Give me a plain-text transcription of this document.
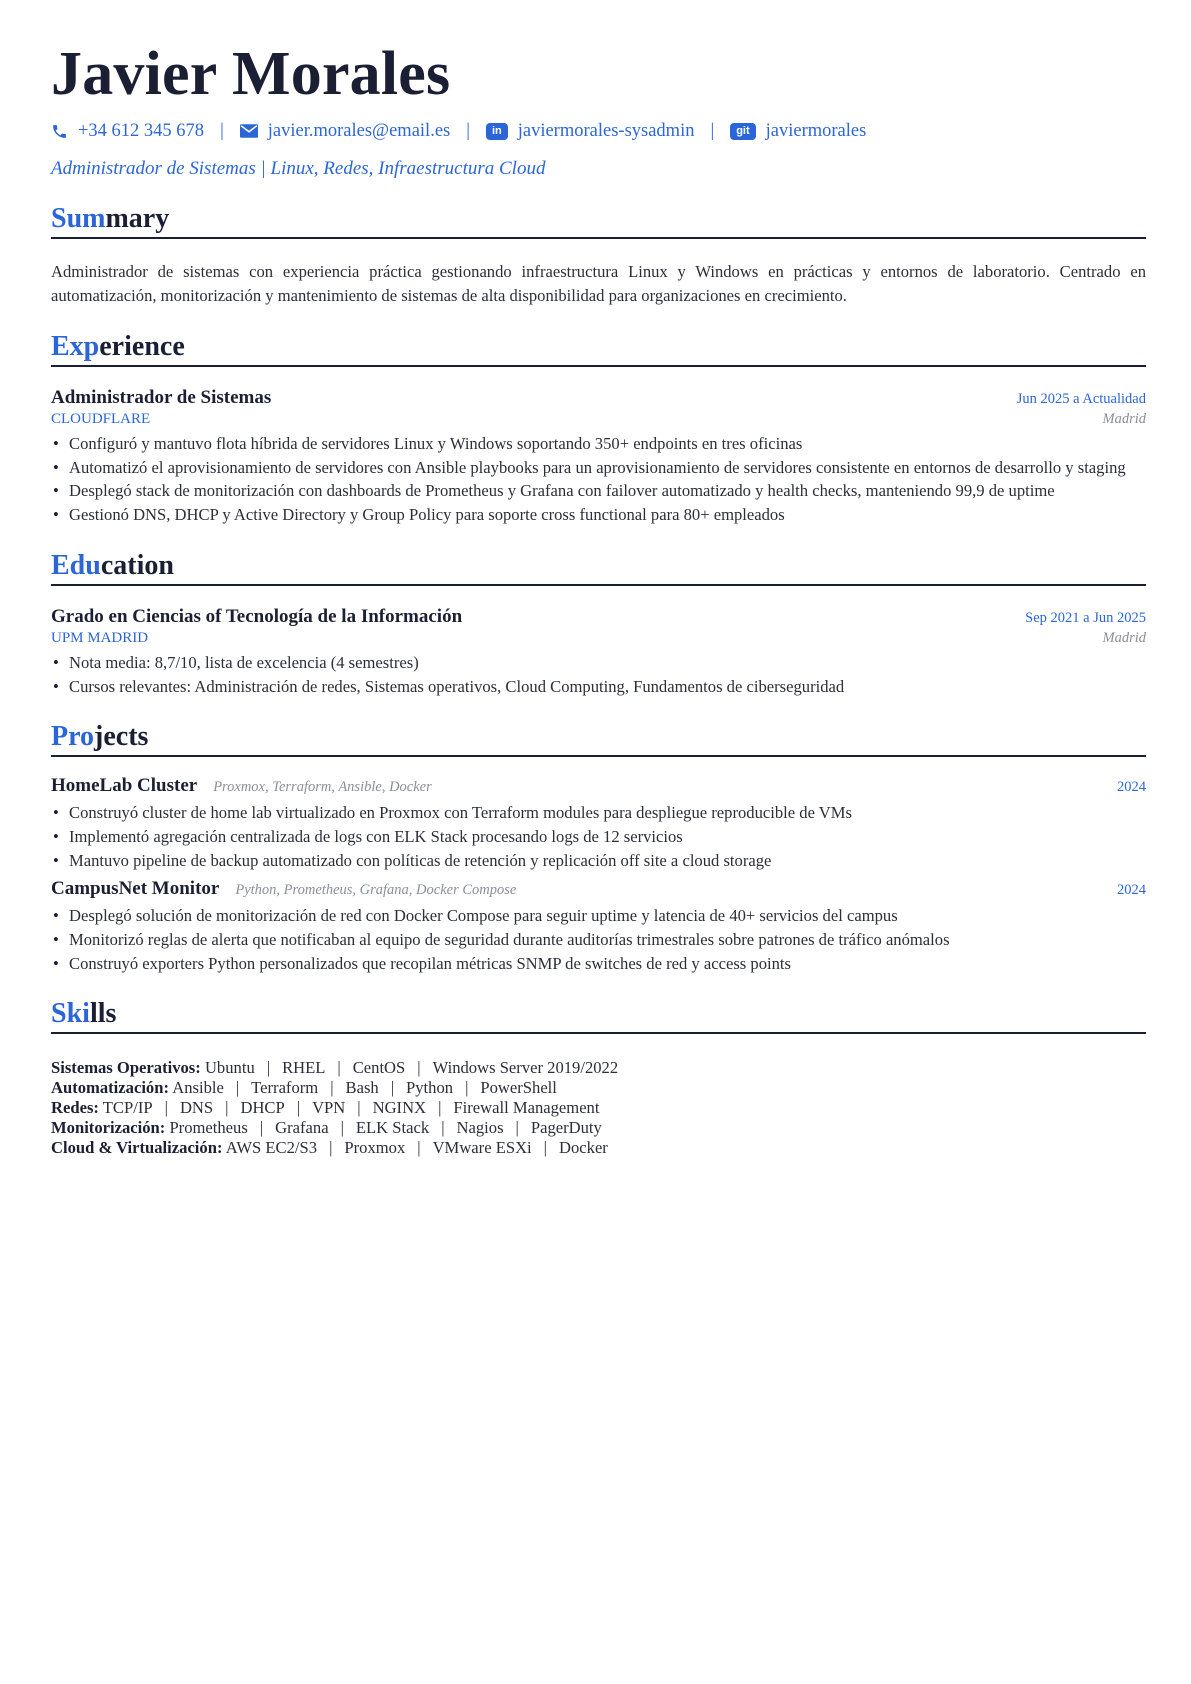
Javier Morales
+34 612 345 678 | javier.morales@email.es |	in javiermorales-sysadmin |	git javiermorales
Administrador de Sistemas | Linux, Redes, Infraestructura Cloud
Summary
Administrador de sistemas con experiencia práctica gestionando infraestructura Linux y Windows en prácticas y entornos de laboratorio. Centrado en automatización, monitorización y mantenimiento de sistemas de alta disponibilidad para organizaciones en crecimiento.
Experience
Administrador de Sistemas	Jun 2025 a Actualidad
CLOUDFLARE	Madrid
• Configuró y mantuvo flota híbrida de servidores Linux y Windows soportando 350+ endpoints en tres oficinas
• Automatizó el aprovisionamiento de servidores con Ansible playbooks para un aprovisionamiento de servidores consistente en entornos de desarrollo y staging
• Desplegó stack de monitorización con dashboards de Prometheus y Grafana con failover automatizado y health checks, manteniendo 99,9 de uptime
• Gestionó DNS, DHCP y Active Directory y Group Policy para soporte cross functional para 80+ empleados
Education
Grado en Ciencias of Tecnología de la Información	Sep 2021 a Jun 2025
UPM MADRID	Madrid
• Nota media: 8,7/10, lista de excelencia (4 semestres)
• Cursos relevantes: Administración de redes, Sistemas operativos, Cloud Computing, Fundamentos de ciberseguridad
Projects
HomeLab Cluster Proxmox, Terraform, Ansible, Docker	2024
• Construyó cluster de home lab virtualizado en Proxmox con Terraform modules para despliegue reproducible de VMs
• Implementó agregación centralizada de logs con ELK Stack procesando logs de 12 servicios
• Mantuvo pipeline de backup automatizado con políticas de retención y replicación off site a cloud storage
CampusNet Monitor Python, Prometheus, Grafana, Docker Compose	2024
• Desplegó solución de monitorización de red con Docker Compose para seguir uptime y latencia de 40+ servicios del campus
• Monitorizó reglas de alerta que notificaban al equipo de seguridad durante auditorías trimestrales sobre patrones de tráfico anómalos
• Construyó exporters Python personalizados que recopilan métricas SNMP de switches de red y access points
Skills
Sistemas Operativos: Ubuntu | RHEL | CentOS | Windows Server 2019/2022
Automatización: Ansible | Terraform | Bash | Python | PowerShell
Redes: TCP/IP | DNS | DHCP | VPN | NGINX | Firewall Management
Monitorización: Prometheus | Grafana | ELK Stack | Nagios | PagerDuty
Cloud & Virtualización: AWS EC2/S3 | Proxmox | VMware ESXi | Docker
